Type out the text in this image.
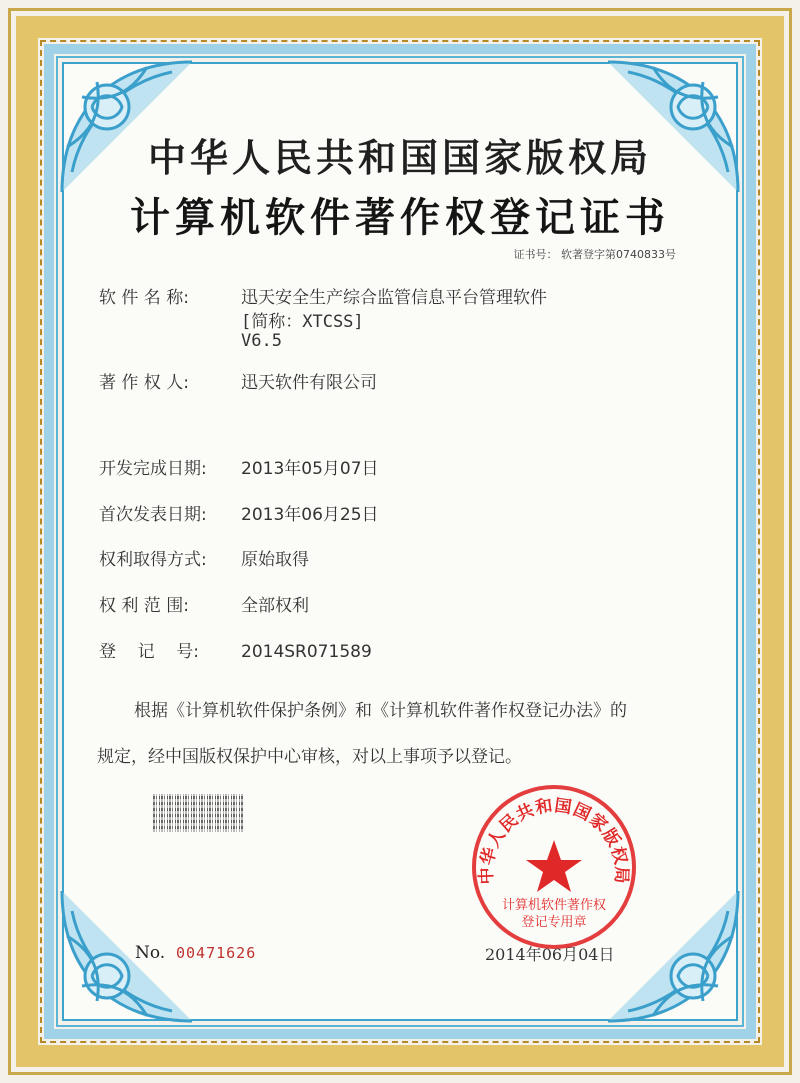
中华人民共和国国家版权局
计算机软件著作权登记证书
证书号： 软著登字第0740833号
软 件 名 称:	迅天安全生产综合监管信息平台管理软件
[简称：XTCSS]
V6.5
著 作 权 人:	迅天软件有限公司
开发完成日期: 2013年05月07日
首次发表日期: 2013年06月25日
权利取得方式: 原始取得
权 利 范 围:	全部权利
登    记    号: 2014SR071589
根据《计算机软件保护条例》和《计算机软件著作权登记办法》的
规定，经中国版权保护中心审核，对以上事项予以登记。
No. 00471626	2014年06月04日
中华人民共和国国家版权局
计算机软件著作权
登记专用章
